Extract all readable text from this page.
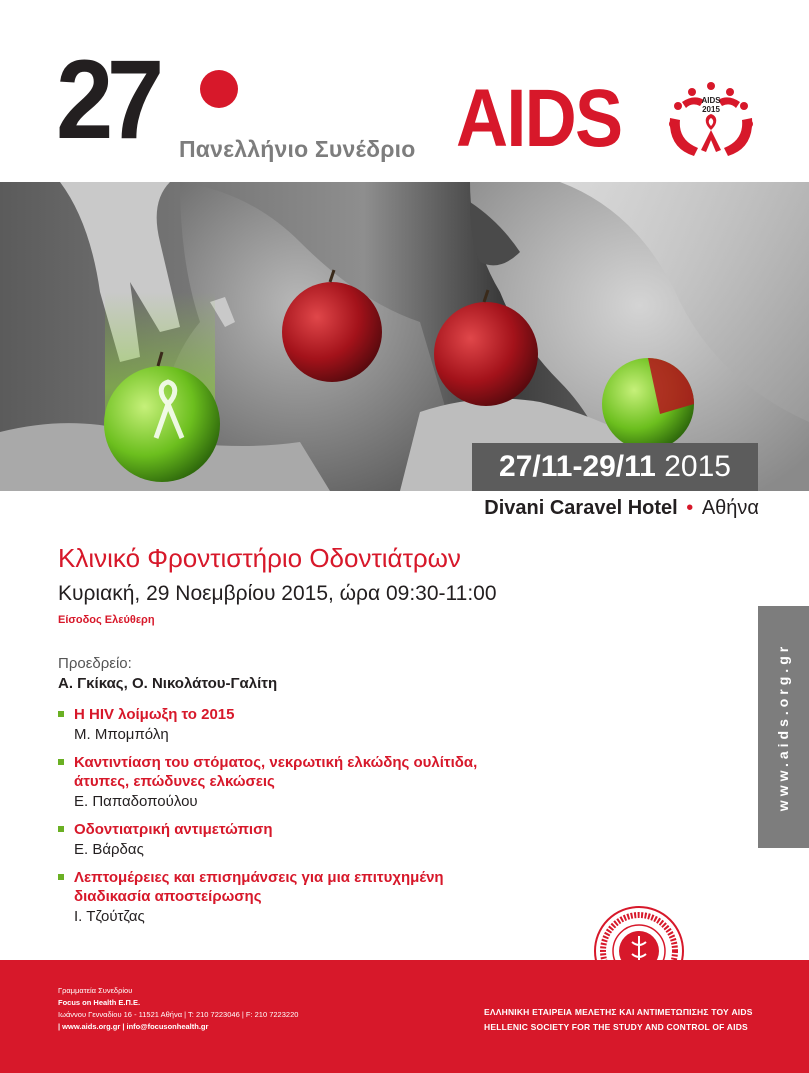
27 Πανελλήνιο Συνέδριο AIDS	AIDS
2015
27/11-29/11 2015
Divani Caravel Hotel • Αθήνα
Κλινικό Φροντιστήριο Οδοντιάτρων
Κυριακή, 29 Νοεμβρίου 2015, ώρα 09:30-11:00
Είσοδος Ελεύθερη
Προεδρείο:
Α. Γκίκας, Ο. Νικολάτου-Γαλίτη
Η HIV λοίμωξη το 2015
Μ. Μπομπόλη
Καντιντίαση του στόματος, νεκρωτική ελκώδης ουλίτιδα,
άτυπες, επώδυνες ελκώσεις
Ε. Παπαδοπούλου
Οδοντιατρική αντιμετώπιση
Ε. Βάρδας
Λεπτομέρειες και επισημάνσεις για μια επιτυχημένη
διαδικασία αποστείρωσης
Ι. Τζούτζας
www.aids.org.gr
Γραμματεία Συνεδρίου
Focus on Health Ε.Π.Ε.
Ιωάννου Γενναδίου 16 - 11521 Αθήνα | Τ: 210 7223046 | F: 210 7223220
| www.aids.org.gr | info@focusonhealth.gr
ΕΛΛΗΝΙΚΗ ΕΤΑΙΡΕΙΑ ΜΕΛΕΤΗΣ ΚΑΙ ΑΝΤΙΜΕΤΩΠΙΣΗΣ ΤΟΥ AIDS
HELLENIC SOCIETY FOR THE STUDY AND CONTROL OF AIDS
